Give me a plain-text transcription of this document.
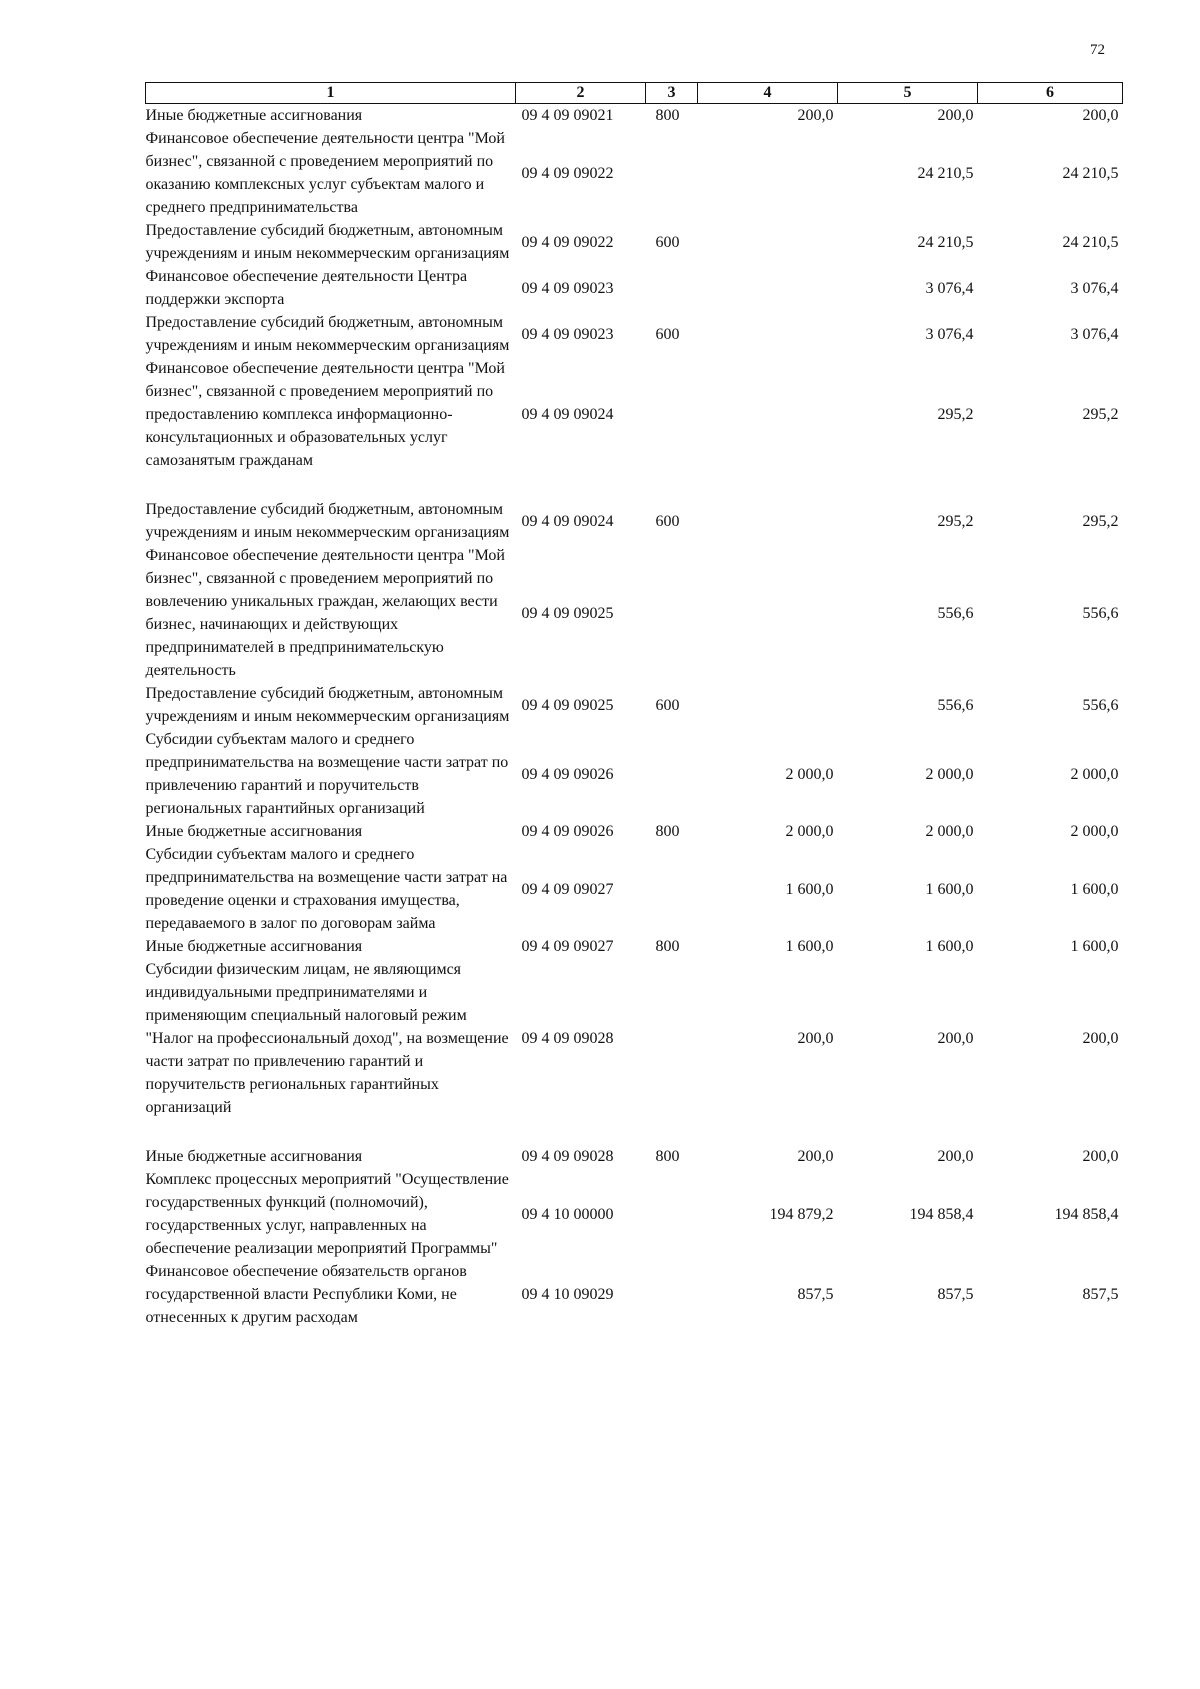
72
1	2	3	4	5	6
Иные бюджетные ассигнования	09 4 09 09021	800	200,0	200,0	200,0
Финансовое обеспечение деятельности центра "Мой бизнес", связанной с проведением мероприятий по оказанию комплексных услуг субъектам малого и среднего предпринимательства	09 4 09 09022			24 210,5	24 210,5
Предоставление субсидий бюджетным, автономным учреждениям и иным некоммерческим организациям	09 4 09 09022	600		24 210,5	24 210,5
Финансовое обеспечение деятельности Центра поддержки экспорта	09 4 09 09023			3 076,4	3 076,4
Предоставление субсидий бюджетным, автономным учреждениям и иным некоммерческим организациям	09 4 09 09023	600		3 076,4	3 076,4
Финансовое обеспечение деятельности центра "Мой бизнес", связанной с проведением мероприятий по предоставлению комплекса информационно-консультационных и образовательных услуг самозанятым гражданам	09 4 09 09024			295,2	295,2

Предоставление субсидий бюджетным, автономным учреждениям и иным некоммерческим организациям	09 4 09 09024	600		295,2	295,2
Финансовое обеспечение деятельности центра "Мой бизнес", связанной с проведением мероприятий по вовлечению уникальных граждан, желающих вести бизнес, начинающих и действующих предпринимателей в предпринимательскую деятельность	09 4 09 09025			556,6	556,6
Предоставление субсидий бюджетным, автономным учреждениям и иным некоммерческим организациям	09 4 09 09025	600		556,6	556,6
Субсидии субъектам малого и среднего предпринимательства на возмещение части затрат по привлечению гарантий и поручительств региональных гарантийных организаций	09 4 09 09026		2 000,0	2 000,0	2 000,0
Иные бюджетные ассигнования	09 4 09 09026	800	2 000,0	2 000,0	2 000,0
Субсидии субъектам малого и среднего предпринимательства на возмещение части затрат на проведение оценки и страхования имущества, передаваемого в залог по договорам займа	09 4 09 09027		1 600,0	1 600,0	1 600,0
Иные бюджетные ассигнования	09 4 09 09027	800	1 600,0	1 600,0	1 600,0
Субсидии физическим лицам, не являющимся индивидуальными предпринимателями и применяющим специальный налоговый режим "Налог на профессиональный доход", на возмещение части затрат по привлечению гарантий и поручительств региональных гарантийных организаций	09 4 09 09028		200,0	200,0	200,0

Иные бюджетные ассигнования	09 4 09 09028	800	200,0	200,0	200,0
Комплекс процессных мероприятий "Осуществление государственных функций (полномочий), государственных услуг, направленных на обеспечение реализации мероприятий Программы"	09 4 10 00000		194 879,2	194 858,4	194 858,4
Финансовое обеспечение обязательств органов государственной власти Республики Коми, не отнесенных к другим расходам	09 4 10 09029		857,5	857,5	857,5
